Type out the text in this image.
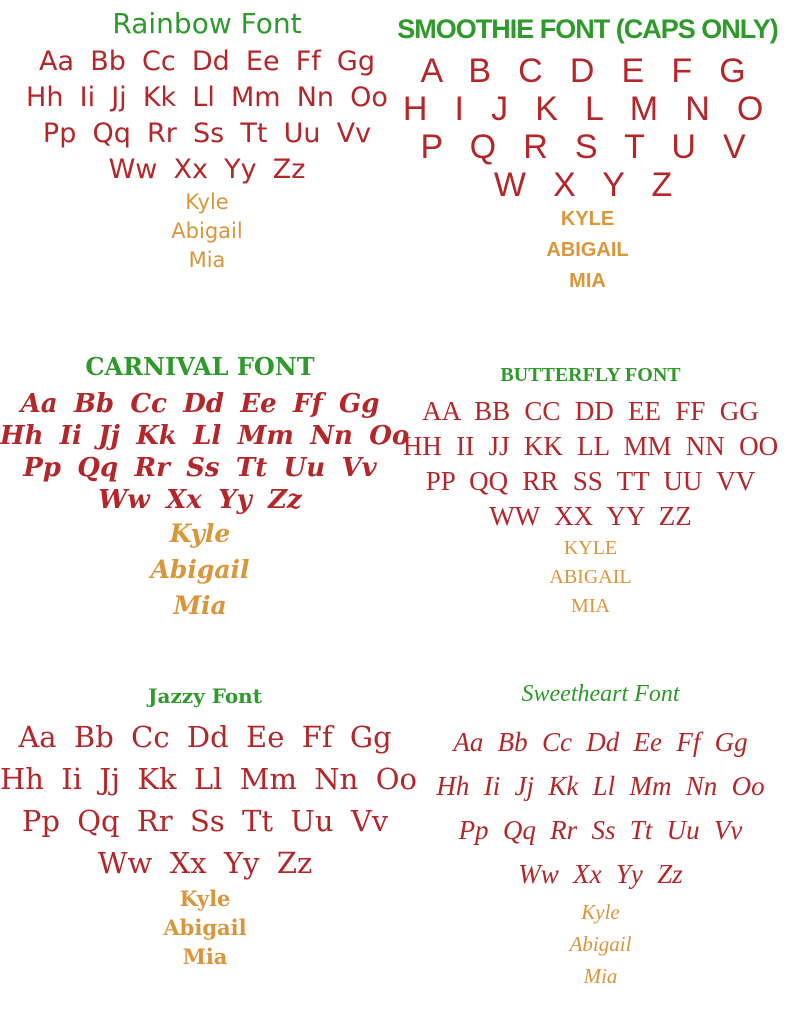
Rainbow Font
Aa Bb Cc Dd Ee Ff Gg
Hh Ii Jj Kk Ll Mm Nn Oo
Pp Qq Rr Ss Tt Uu Vv
Ww Xx Yy Zz
Kyle
Abigail
Mia
SMOOTHIE FONT (CAPS ONLY)
A B C D E F G
H I J K L M N O
P Q R S T U V
W X Y Z
KYLE
ABIGAIL
MIA
CARNIVAL FONT
Aa Bb Cc Dd Ee Ff Gg
Hh Ii Jj Kk Ll Mm Nn Oo
Pp Qq Rr Ss Tt Uu Vv
Ww Xx Yy Zz
Kyle
Abigail
Mia
BUTTERFLY FONT
AA BB CC DD EE FF GG
HH II JJ KK LL MM NN OO
PP QQ RR SS TT UU VV
WW XX YY ZZ
KYLE
ABIGAIL
MIA
Jazzy Font
Aa Bb Cc Dd Ee Ff Gg
Hh Ii Jj Kk Ll Mm Nn Oo
Pp Qq Rr Ss Tt Uu Vv
Ww Xx Yy Zz
Kyle
Abigail
Mia
Sweetheart Font
Aa Bb Cc Dd Ee Ff Gg
Hh Ii Jj Kk Ll Mm Nn Oo
Pp Qq Rr Ss Tt Uu Vv
Ww Xx Yy Zz
Kyle
Abigail
Mia
